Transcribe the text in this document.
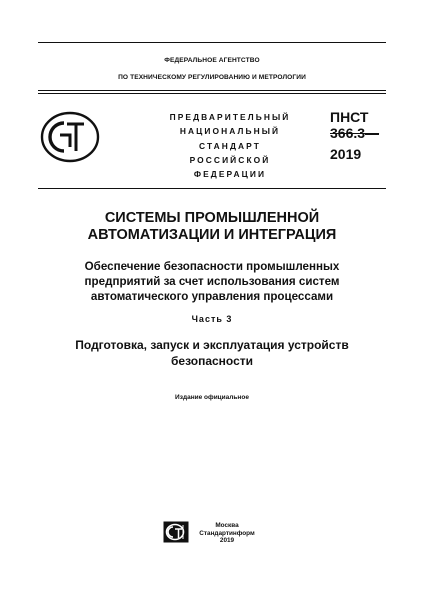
ФЕДЕРАЛЬНОЕ АГЕНТСТВО
ПО ТЕХНИЧЕСКОМУ РЕГУЛИРОВАНИЮ И МЕТРОЛОГИИ
ПРЕДВАРИТЕЛЬНЫЙ
НАЦИОНАЛЬНЫЙ
СТАНДАРТ
РОССИЙСКОЙ
ФЕДЕРАЦИИ
ПНСТ
366.3—
2019
СИСТЕМЫ ПРОМЫШЛЕННОЙ
АВТОМАТИЗАЦИИ И ИНТЕГРАЦИЯ
Обеспечение безопасности промышленных
предприятий за счет использования систем
автоматического управления процессами
Часть 3
Подготовка, запуск и эксплуатация устройств
безопасности
Издание официальное
Москва
Стандартинформ
2019
